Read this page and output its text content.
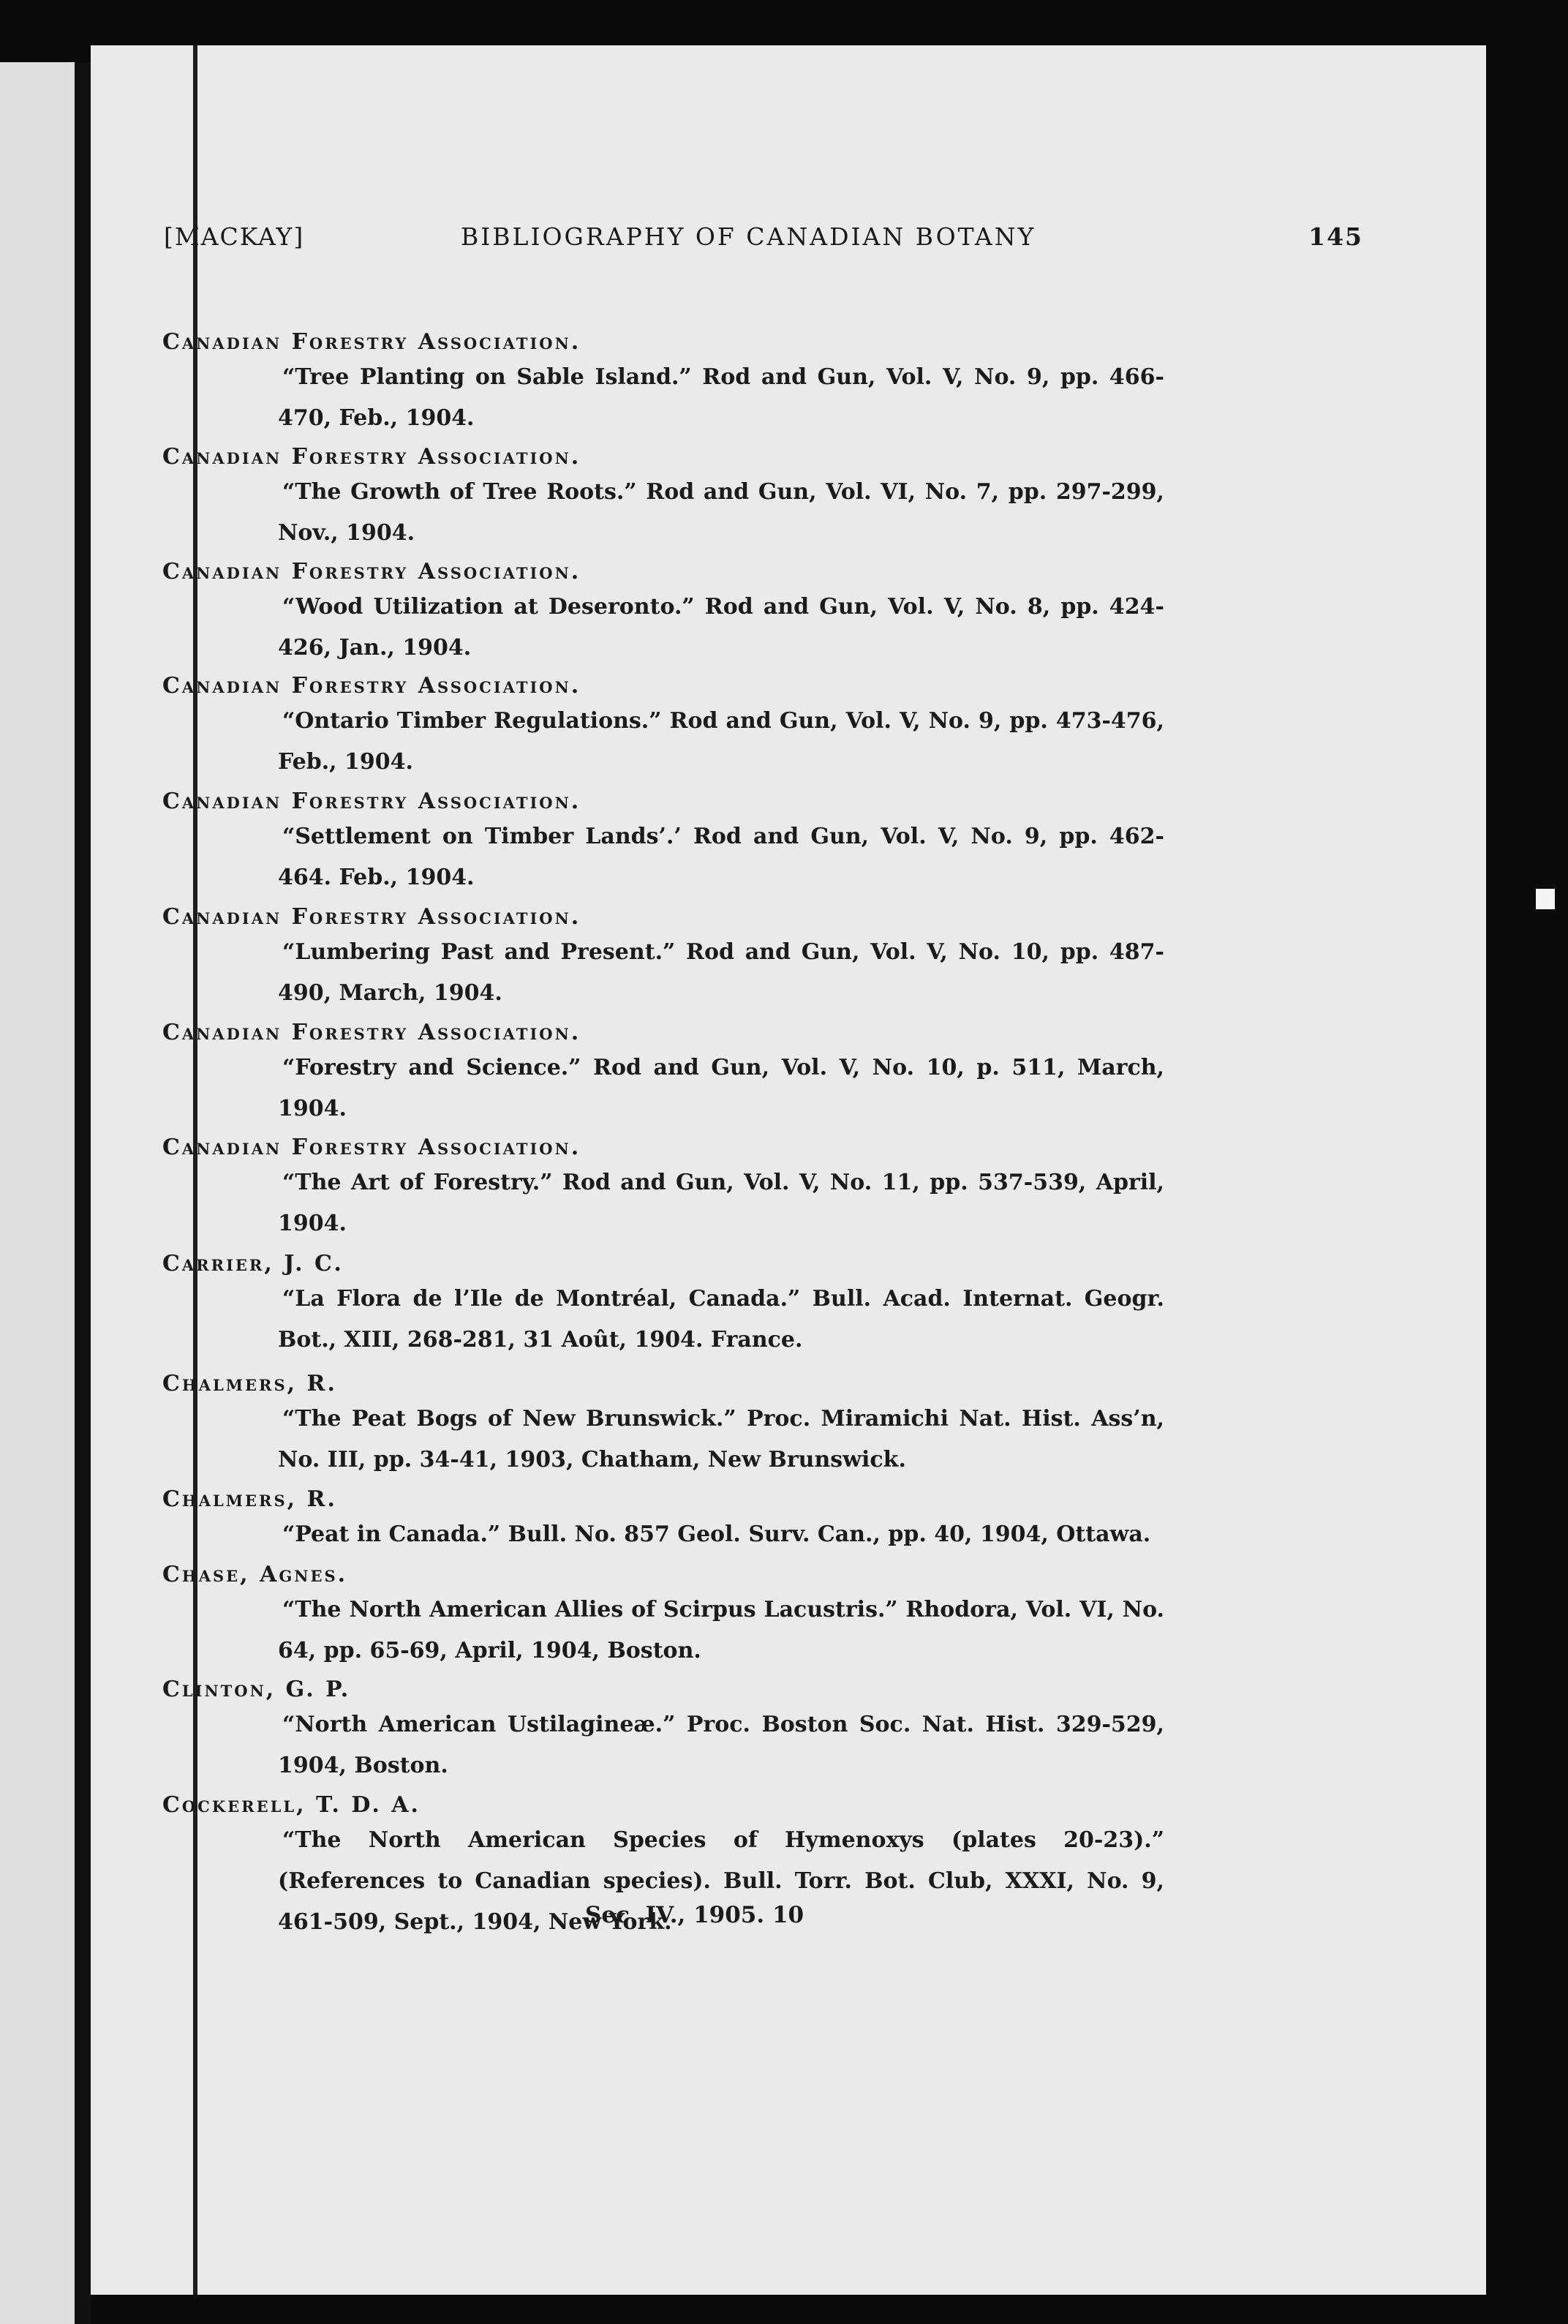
[MACKAY]	BIBLIOGRAPHY OF CANADIAN BOTANY	145
Canadian Forestry Association.
“Tree Planting on Sable Island.” Rod and Gun, Vol. V, No. 9, pp. 466-470, Feb., 1904.
Canadian Forestry Association.
“The Growth of Tree Roots.” Rod and Gun, Vol. VI, No. 7, pp. 297-299, Nov., 1904.
Canadian Forestry Association.
“Wood Utilization at Deseronto.” Rod and Gun, Vol. V, No. 8, pp. 424-426, Jan., 1904.
Canadian Forestry Association.
“Ontario Timber Regulations.” Rod and Gun, Vol. V, No. 9, pp. 473-476, Feb., 1904.
Canadian Forestry Association.
“Settlement on Timber Lands’.’ Rod and Gun, Vol. V, No. 9, pp. 462-464. Feb., 1904.
Canadian Forestry Association.
“Lumbering Past and Present.” Rod and Gun, Vol. V, No. 10, pp. 487-490, March, 1904.
Canadian Forestry Association.
“Forestry and Science.” Rod and Gun, Vol. V, No. 10, p. 511, March, 1904.
Canadian Forestry Association.
“The Art of Forestry.” Rod and Gun, Vol. V, No. 11, pp. 537-539, April, 1904.
Carrier, J. C.
“La Flora de l’Ile de Montréal, Canada.” Bull. Acad. Internat. Geogr. Bot., XIII, 268-281, 31 Août, 1904. France.
Chalmers, R.
“The Peat Bogs of New Brunswick.” Proc. Miramichi Nat. Hist. Ass’n, No. III, pp. 34-41, 1903, Chatham, New Brunswick.
Chalmers, R.
“Peat in Canada.” Bull. No. 857 Geol. Surv. Can., pp. 40, 1904, Ottawa.
Chase, Agnes.
“The North American Allies of Scirpus Lacustris.” Rhodora, Vol. VI, No. 64, pp. 65-69, April, 1904, Boston.
Clinton, G. P.
“North American Ustilagineæ.” Proc. Boston Soc. Nat. Hist. 329-529, 1904, Boston.
Cockerell, T. D. A.
“The North American Species of Hymenoxys (plates 20-23).” (References to Canadian species). Bull. Torr. Bot. Club, XXXI, No. 9, 461-509, Sept., 1904, New York.
Sec. IV., 1905. 10
